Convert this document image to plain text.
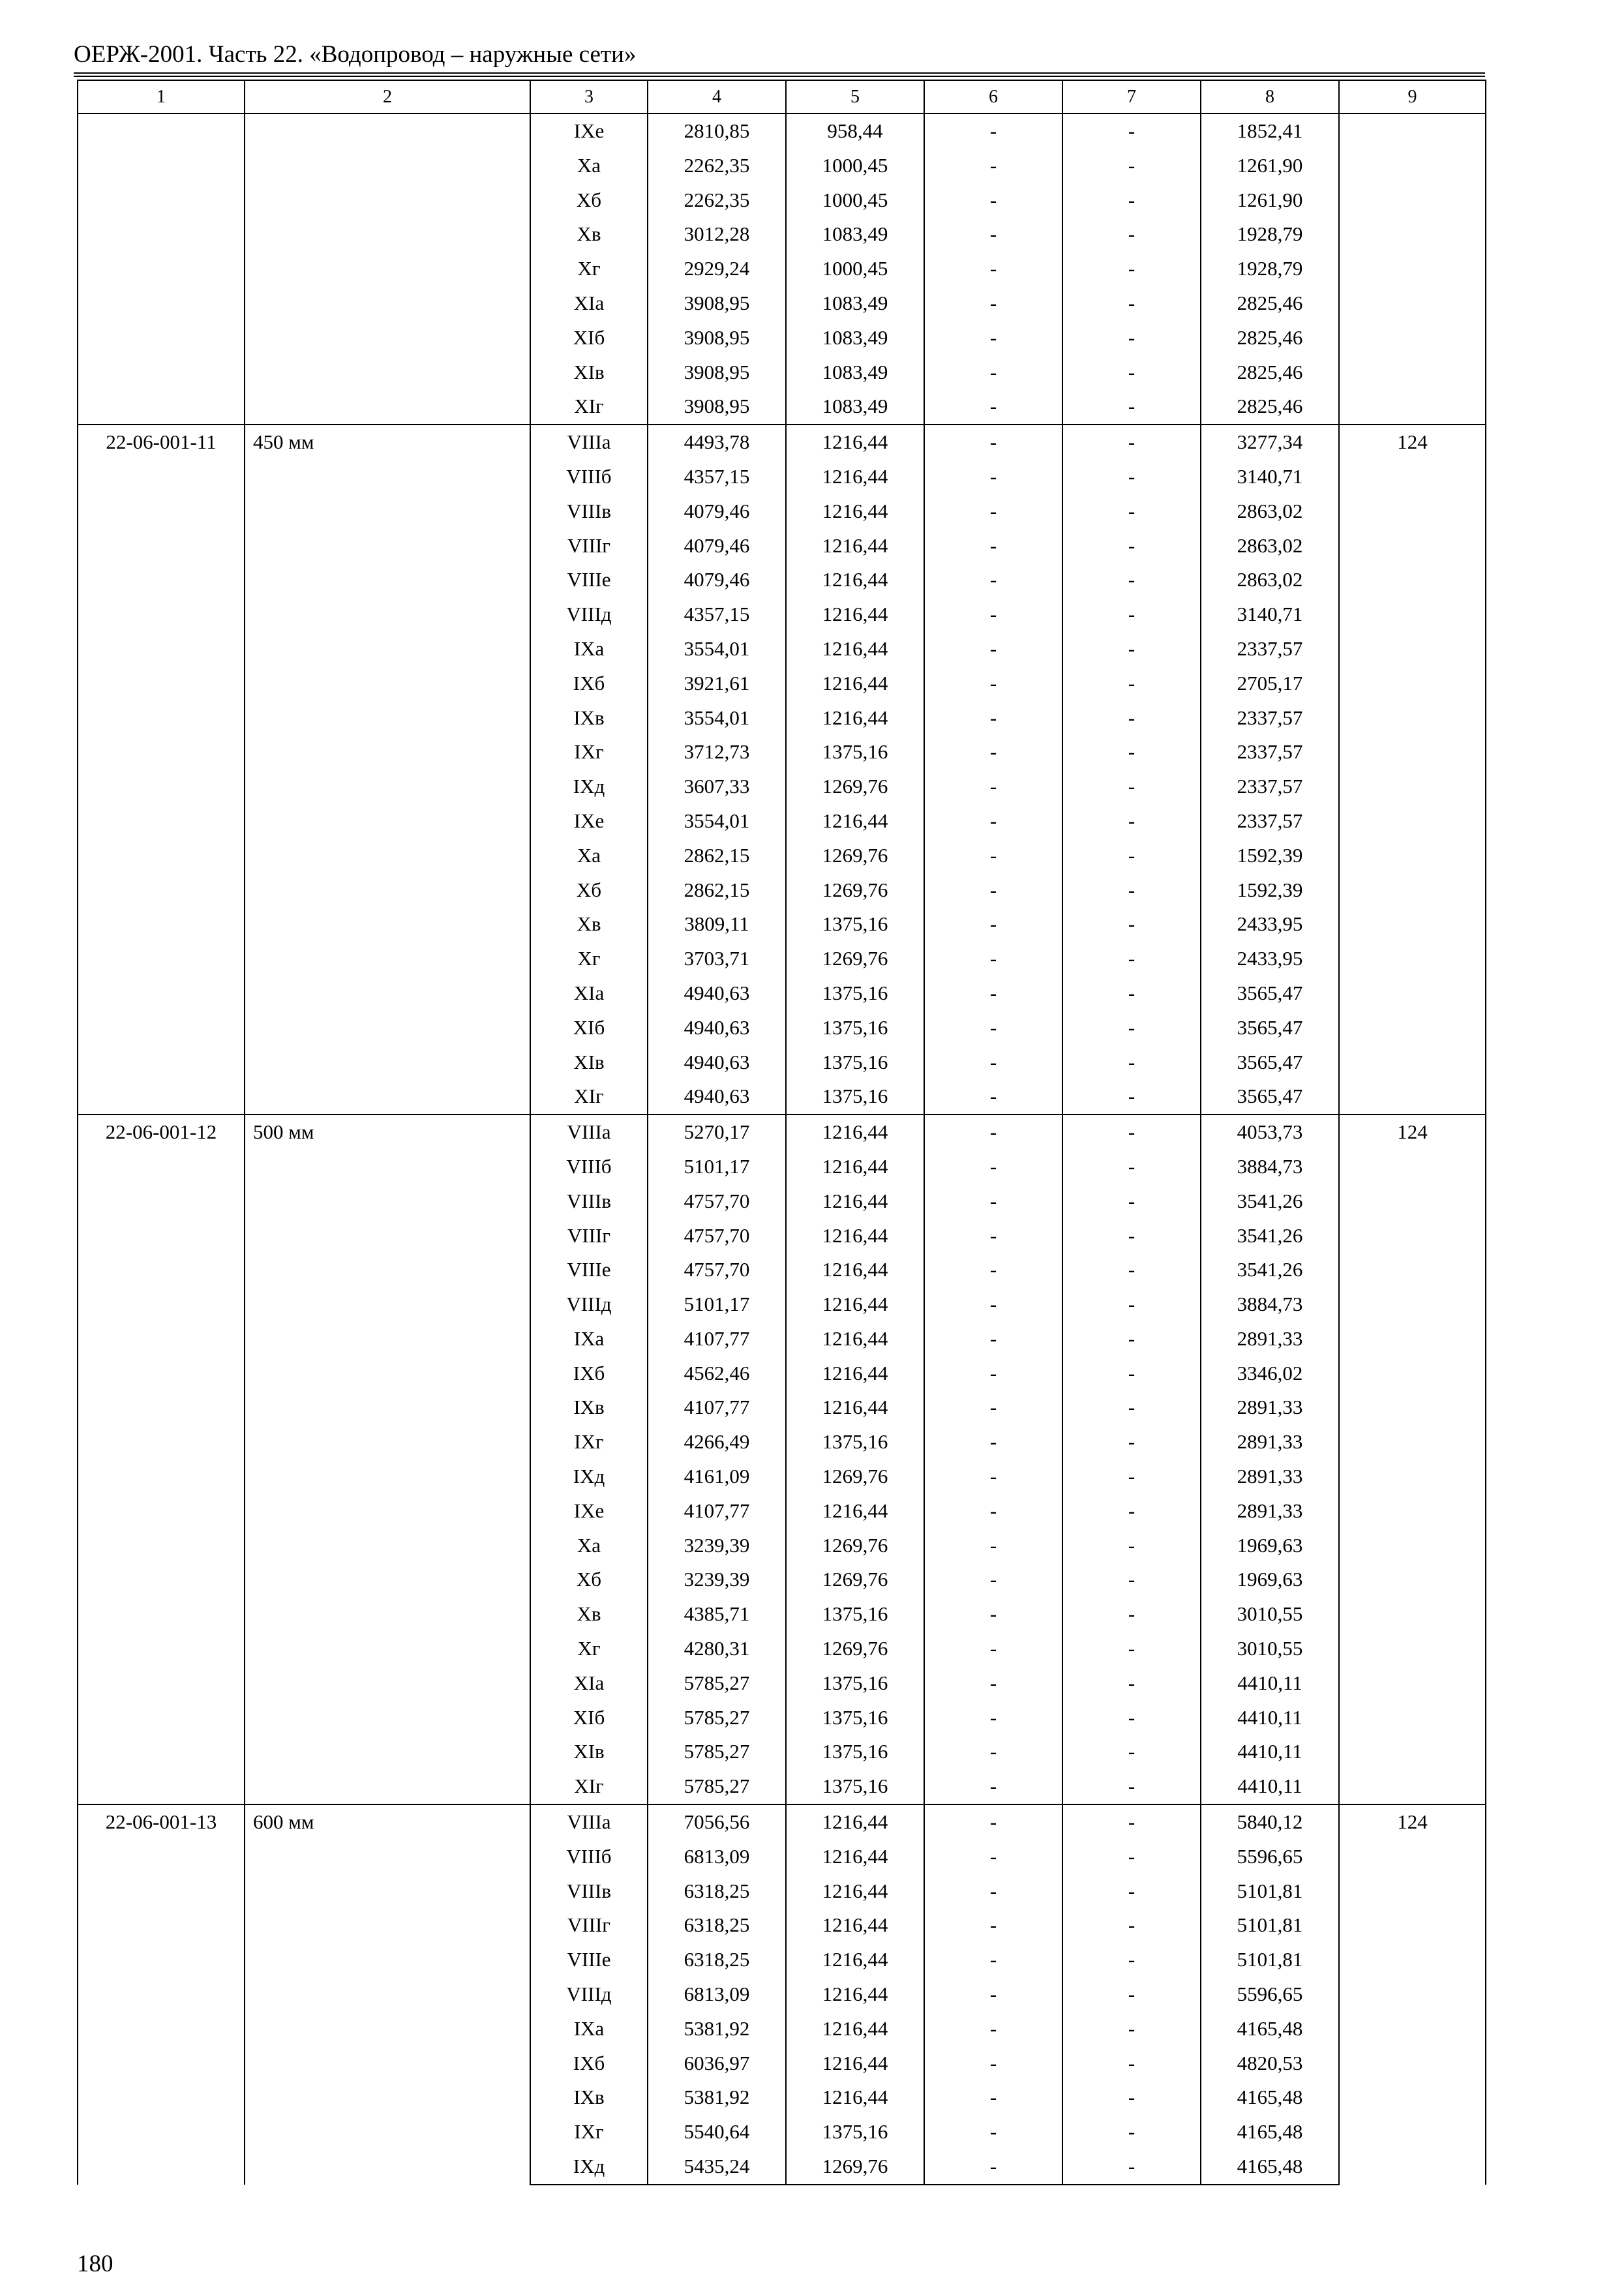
ОЕРЖ-2001. Часть 22. «Водопровод – наружные сети»
1	2	3	4	5	6	7	8	9
		IXе	2810,85	958,44	-	-	1852,41	
		Xа	2262,35	1000,45	-	-	1261,90	
		Xб	2262,35	1000,45	-	-	1261,90	
		Xв	3012,28	1083,49	-	-	1928,79	
		Xг	2929,24	1000,45	-	-	1928,79	
		XIа	3908,95	1083,49	-	-	2825,46	
		XIб	3908,95	1083,49	-	-	2825,46	
		XIв	3908,95	1083,49	-	-	2825,46	
		XIг	3908,95	1083,49	-	-	2825,46	
22-06-001-11	450 мм	VIIIа	4493,78	1216,44	-	-	3277,34	124
		VIIIб	4357,15	1216,44	-	-	3140,71	
		VIIIв	4079,46	1216,44	-	-	2863,02	
		VIIIг	4079,46	1216,44	-	-	2863,02	
		VIIIе	4079,46	1216,44	-	-	2863,02	
		VIIIд	4357,15	1216,44	-	-	3140,71	
		IXа	3554,01	1216,44	-	-	2337,57	
		IXб	3921,61	1216,44	-	-	2705,17	
		IXв	3554,01	1216,44	-	-	2337,57	
		IXг	3712,73	1375,16	-	-	2337,57	
		IXд	3607,33	1269,76	-	-	2337,57	
		IXе	3554,01	1216,44	-	-	2337,57	
		Xа	2862,15	1269,76	-	-	1592,39	
		Xб	2862,15	1269,76	-	-	1592,39	
		Xв	3809,11	1375,16	-	-	2433,95	
		Xг	3703,71	1269,76	-	-	2433,95	
		XIа	4940,63	1375,16	-	-	3565,47	
		XIб	4940,63	1375,16	-	-	3565,47	
		XIв	4940,63	1375,16	-	-	3565,47	
		XIг	4940,63	1375,16	-	-	3565,47	
22-06-001-12	500 мм	VIIIа	5270,17	1216,44	-	-	4053,73	124
		VIIIб	5101,17	1216,44	-	-	3884,73	
		VIIIв	4757,70	1216,44	-	-	3541,26	
		VIIIг	4757,70	1216,44	-	-	3541,26	
		VIIIе	4757,70	1216,44	-	-	3541,26	
		VIIIд	5101,17	1216,44	-	-	3884,73	
		IXа	4107,77	1216,44	-	-	2891,33	
		IXб	4562,46	1216,44	-	-	3346,02	
		IXв	4107,77	1216,44	-	-	2891,33	
		IXг	4266,49	1375,16	-	-	2891,33	
		IXд	4161,09	1269,76	-	-	2891,33	
		IXе	4107,77	1216,44	-	-	2891,33	
		Xа	3239,39	1269,76	-	-	1969,63	
		Xб	3239,39	1269,76	-	-	1969,63	
		Xв	4385,71	1375,16	-	-	3010,55	
		Xг	4280,31	1269,76	-	-	3010,55	
		XIа	5785,27	1375,16	-	-	4410,11	
		XIб	5785,27	1375,16	-	-	4410,11	
		XIв	5785,27	1375,16	-	-	4410,11	
		XIг	5785,27	1375,16	-	-	4410,11	
22-06-001-13	600 мм	VIIIа	7056,56	1216,44	-	-	5840,12	124
		VIIIб	6813,09	1216,44	-	-	5596,65	
		VIIIв	6318,25	1216,44	-	-	5101,81	
		VIIIг	6318,25	1216,44	-	-	5101,81	
		VIIIе	6318,25	1216,44	-	-	5101,81	
		VIIIд	6813,09	1216,44	-	-	5596,65	
		IXа	5381,92	1216,44	-	-	4165,48	
		IXб	6036,97	1216,44	-	-	4820,53	
		IXв	5381,92	1216,44	-	-	4165,48	
		IXг	5540,64	1375,16	-	-	4165,48	
		IXд	5435,24	1269,76	-	-	4165,48	
180
